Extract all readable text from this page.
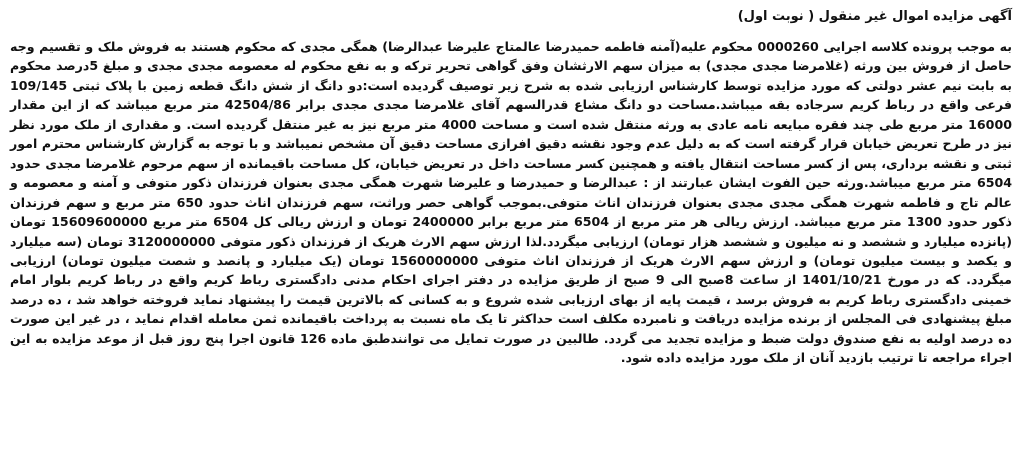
آگهی مزایده اموال غیر منقول ( نوبت اول)
به موجب پرونده کلاسه اجرایی 0000260 محکوم علیه(آمنه فاطمه حمیدرضا عالمتاج علیرضا عبدالرضا) همگی مجدی که محکوم هستند به فروش ملک و تقسیم وجه حاصل از فروش بین ورثه (غلامرضا مجدی مجدی) به میزان سهم الارثشان وفق گواهی تحریر ترکه و به نفع محکوم له معصومه مجدی مجدی و مبلغ 5درصد محکوم به بابت نیم عشر دولتی که مورد مزایده توسط کارشناس ارزیابی شده به شرح زیر توصیف گردیده است:دو دانگ از شش دانگ قطعه زمین با پلاک ثبتی 109/145 فرعی واقع در رباط کریم سرجاده بقه میباشد.مساحت دو دانگ مشاع قدرالسهم آقای غلامرضا مجدی مجدی برابر 42504/86 متر مربع میباشد که از این مقدار 16000 متر مربع طی چند فقره مبایعه نامه عادی به ورثه منتقل شده است و مساحت 4000 متر مربع نیز به غیر منتقل گردیده است. و مقداری از ملک مورد نظر نیز در طرح تعریض خیابان قرار گرفته است که به دلیل عدم وجود نقشه دقیق افرازی مساحت دقیق آن مشخص نمیباشد و با توجه به گزارش کارشناس محترم امور ثبتی و نقشه برداری، پس از کسر مساحت انتقال یافته و همچنین کسر مساحت داخل در تعریض خیابان، کل مساحت باقیمانده از سهم مرحوم غلامرضا مجدی حدود 6504 متر مربع میباشد.ورثه حین الفوت ایشان عبارتند از : عبدالرضا و حمیدرضا و علیرضا شهرت همگی مجدی بعنوان فرزندان ذکور متوفی و آمنه و معصومه و عالم تاج و فاطمه شهرت همگی مجدی مجدی بعنوان فرزندان اناث متوفی.بموجب گواهی حصر وراثت، سهم فرزندان اناث حدود 650 متر مربع و سهم فرزندان ذکور حدود 1300 متر مربع میباشد. ارزش ریالی هر متر مربع از 6504 متر مربع برابر 2400000 تومان و ارزش ریالی کل 6504 متر مربع 15609600000 تومان (پانزده میلیارد و ششصد و نه میلیون و ششصد هزار تومان) ارزیابی میگردد.لذا ارزش سهم الارث هریک از فرزندان ذکور متوفی 3120000000 تومان (سه میلیارد و یکصد و بیست میلیون تومان) و ارزش سهم الارث هریک از فرزندان اناث متوفی 1560000000 تومان (یک میلیارد و پانصد و شصت میلیون تومان) ارزیابی میگردد. که در مورخ 1401/10/21 از ساعت 8صبح الی 9 صبح از طریق مزایده در دفتر اجرای احکام مدنی دادگستری رباط کریم واقع در رباط کریم بلوار امام خمینی دادگستری رباط کریم به فروش برسد ، قیمت پایه از بهای ارزیابی شده شروع و به کسانی که بالاترین قیمت را پیشنهاد نماید فروخته خواهد شد ، ده درصد مبلغ پیشنهادی فی المجلس از برنده مزایده دریافت و نامبرده مکلف است حداکثر تا یک ماه نسبت به پرداخت باقیمانده ثمن معامله اقدام نماید ، در غیر این صورت ده درصد اولیه به نفع صندوق دولت ضبط و مزایده تجدید می گردد. طالبین در صورت تمایل می توانندطبق ماده 126 قانون اجرا پنج روز قبل از موعد مزایده به این اجراء مراجعه تا ترتیب بازدید آنان از ملک مورد مزایده داده شود.
